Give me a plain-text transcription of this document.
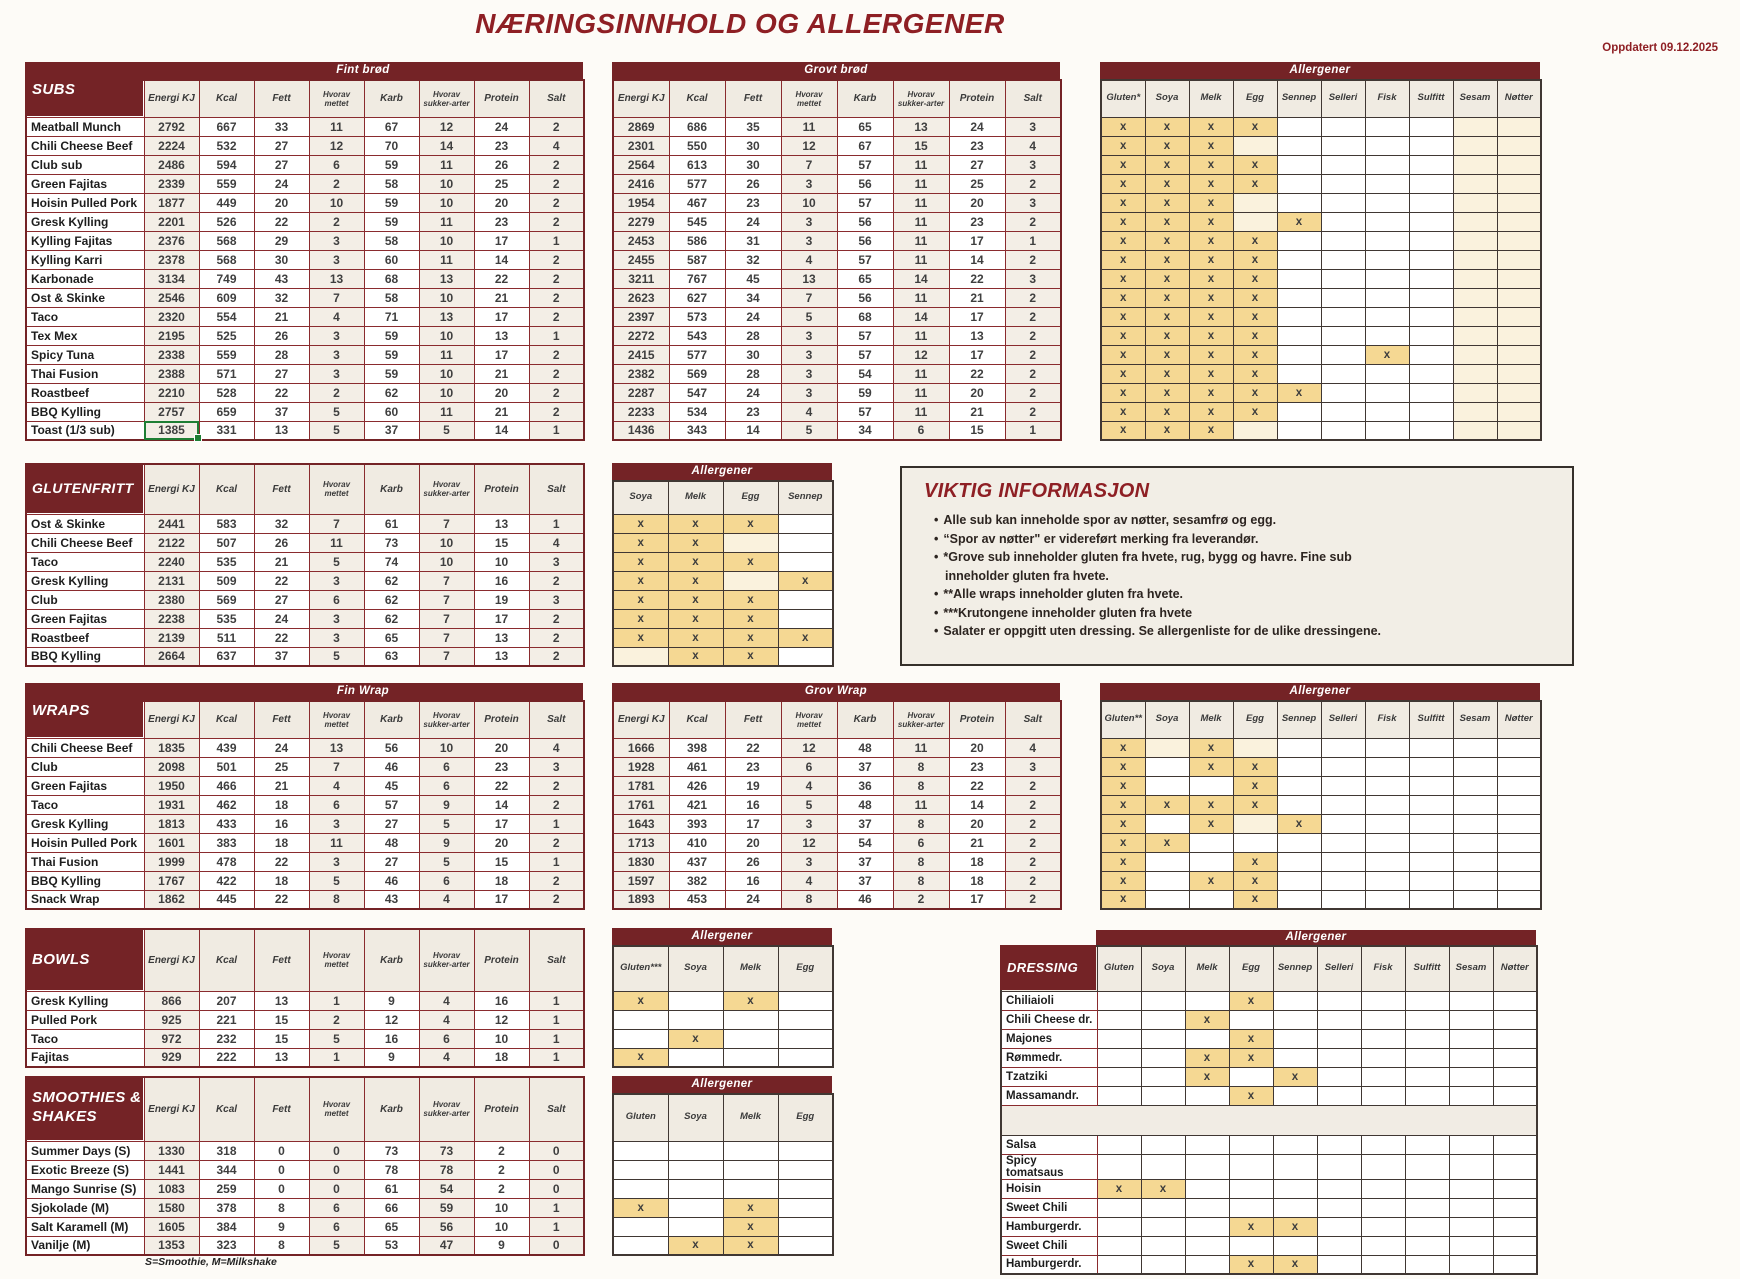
NÆRINGSINNHOLD OG ALLERGENER
Oppdatert 09.12.2025
SUBS
Fint brød
	Energi KJ	Kcal	Fett	Hvorav mettet	Karb	Hvorav sukker-arter	Protein	Salt
Meatball Munch	2792	667	33	11	67	12	24	2
Chili Cheese Beef	2224	532	27	12	70	14	23	4
Club sub	2486	594	27	6	59	11	26	2
Green Fajitas	2339	559	24	2	58	10	25	2
Hoisin Pulled Pork	1877	449	20	10	59	10	20	2
Gresk Kylling	2201	526	22	2	59	11	23	2
Kylling Fajitas	2376	568	29	3	58	10	17	1
Kylling Karri	2378	568	30	3	60	11	14	2
Karbonade	3134	749	43	13	68	13	22	2
Ost & Skinke	2546	609	32	7	58	10	21	2
Taco	2320	554	21	4	71	13	17	2
Tex Mex	2195	525	26	3	59	10	13	1
Spicy Tuna	2338	559	28	3	59	11	17	2
Thai Fusion	2388	571	27	3	59	10	21	2
Roastbeef	2210	528	22	2	62	10	20	2
BBQ Kylling	2757	659	37	5	60	11	21	2
Toast (1/3 sub)	1385	331	13	5	37	5	14	1
Grovt brød
Energi KJ	Kcal	Fett	Hvorav mettet	Karb	Hvorav sukker-arter	Protein	Salt
2869	686	35	11	65	13	24	3
2301	550	30	12	67	15	23	4
2564	613	30	7	57	11	27	3
2416	577	26	3	56	11	25	2
1954	467	23	10	57	11	20	3
2279	545	24	3	56	11	23	2
2453	586	31	3	56	11	17	1
2455	587	32	4	57	11	14	2
3211	767	45	13	65	14	22	3
2623	627	34	7	56	11	21	2
2397	573	24	5	68	14	17	2
2272	543	28	3	57	11	13	2
2415	577	30	3	57	12	17	2
2382	569	28	3	54	11	22	2
2287	547	24	3	59	11	20	2
2233	534	23	4	57	11	21	2
1436	343	14	5	34	6	15	1
Allergener
Gluten*	Soya	Melk	Egg	Sennep	Selleri	Fisk	Sulfitt	Sesam	Nøtter
x	x	x	x						
x	x	x							
x	x	x	x						
x	x	x	x						
x	x	x							
x	x	x		x					
x	x	x	x						
x	x	x	x						
x	x	x	x						
x	x	x	x						
x	x	x	x						
x	x	x	x						
x	x	x	x			x			
x	x	x	x						
x	x	x	x	x					
x	x	x	x						
x	x	x							
GLUTENFRITT
		Energi KJ	Kcal	Fett	Hvorav mettet	Karb	Hvorav sukker-arter	Protein	Salt
Ost & Skinke	2441	583	32	7	61	7	13	1
Chili Cheese Beef	2122	507	26	11	73	10	15	4
Taco	2240	535	21	5	74	10	10	3
Gresk Kylling	2131	509	22	3	62	7	16	2
Club	2380	569	27	6	62	7	19	3
Green Fajitas	2238	535	24	3	62	7	17	2
Roastbeef	2139	511	22	3	65	7	13	2
BBQ Kylling	2664	637	37	5	63	7	13	2
Allergener
Soya	Melk	Egg	Sennep
x	x	x	
x	x		
x	x	x	
x	x		x
x	x	x	
x	x	x	
x	x	x	x
	x	x	
VIKTIG INFORMASJON
• Alle sub kan inneholde spor av nøtter, sesamfrø og egg.
• “Spor av nøtter" er videreført merking fra leverandør.
• *Grove sub inneholder gluten fra hvete, rug, bygg og havre. Fine sub
inneholder gluten fra hvete.
• **Alle wraps inneholder gluten fra hvete.
• ***Krutongene inneholder gluten fra hvete
• Salater er oppgitt uten dressing. Se allergenliste for de ulike dressingene.
WRAPS
Fin Wrap
	Energi KJ	Kcal	Fett	Hvorav mettet	Karb	Hvorav sukker-arter	Protein	Salt
Chili Cheese Beef	1835	439	24	13	56	10	20	4
Club	2098	501	25	7	46	6	23	3
Green Fajitas	1950	466	21	4	45	6	22	2
Taco	1931	462	18	6	57	9	14	2
Gresk Kylling	1813	433	16	3	27	5	17	1
Hoisin Pulled Pork	1601	383	18	11	48	9	20	2
Thai Fusion	1999	478	22	3	27	5	15	1
BBQ Kylling	1767	422	18	5	46	6	18	2
Snack Wrap	1862	445	22	8	43	4	17	2
Grov Wrap
Energi KJ	Kcal	Fett	Hvorav mettet	Karb	Hvorav sukker-arter	Protein	Salt
1666	398	22	12	48	11	20	4
1928	461	23	6	37	8	23	3
1781	426	19	4	36	8	22	2
1761	421	16	5	48	11	14	2
1643	393	17	3	37	8	20	2
1713	410	20	12	54	6	21	2
1830	437	26	3	37	8	18	2
1597	382	16	4	37	8	18	2
1893	453	24	8	46	2	17	2
Allergener
Gluten**	Soya	Melk	Egg	Sennep	Selleri	Fisk	Sulfitt	Sesam	Nøtter
x		x							
x		x	x						
x			x						
x	x	x	x						
x		x		x					
x	x								
x			x						
x		x	x						
x			x						
BOWLS
		Energi KJ	Kcal	Fett	Hvorav mettet	Karb	Hvorav sukker-arter	Protein	Salt
Gresk Kylling	866	207	13	1	9	4	16	1
Pulled Pork	925	221	15	2	12	4	12	1
Taco	972	232	15	5	16	6	10	1
Fajitas	929	222	13	1	9	4	18	1
Allergener
Gluten***	Soya	Melk	Egg
x		x	

	x		
x			
SMOOTHIES &
SHAKES
		Energi KJ	Kcal	Fett	Hvorav mettet	Karb	Hvorav sukker-arter	Protein	Salt
Summer Days (S)	1330	318	0	0	73	73	2	0
Exotic Breeze (S)	1441	344	0	0	78	78	2	0
Mango Sunrise (S)	1083	259	0	0	61	54	2	0
Sjokolade (M)	1580	378	8	6	66	59	10	1
Salt Karamell (M)	1605	384	9	6	65	56	10	1
Vanilje (M)	1353	323	8	5	53	47	9	0
Allergener
Gluten	Soya	Melk	Egg

x		x	
		x	
	x	x	
S=Smoothie, M=Milkshake
Allergener
DRESSING
		Gluten	Soya	Melk	Egg	Sennep	Selleri	Fisk	Sulfitt	Sesam	Nøtter
Chiliaioli				x						
Chili Cheese dr.			x							
Majones				x						
Rømmedr.			x	x						
Tzatziki			x		x					
Massamandr.				x						

Salsa										
Spicy tomatsaus										
Hoisin	x	x								
Sweet Chili										
Hamburgerdr.				x	x					
Sweet Chili										
Hamburgerdr.				x	x					
